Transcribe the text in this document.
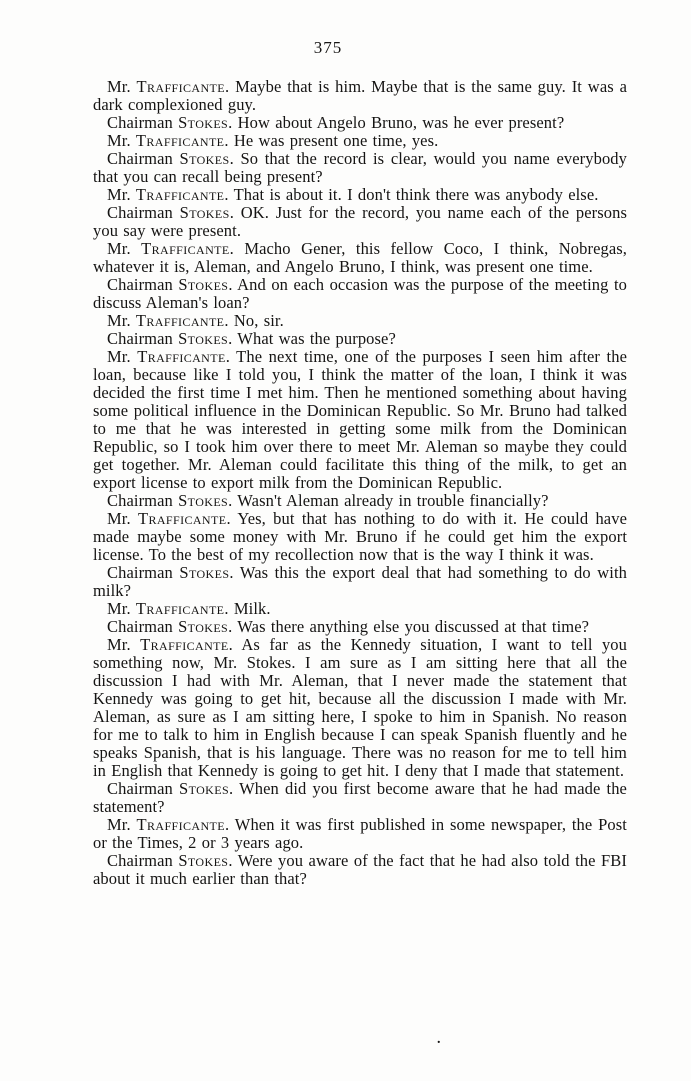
375

Mr. Trafficante. Maybe that is him. Maybe that is the same guy. It was a dark complexioned guy.

Chairman Stokes. How about Angelo Bruno, was he ever present?

Mr. Trafficante. He was present one time, yes.

Chairman Stokes. So that the record is clear, would you name everybody that you can recall being present?

Mr. Trafficante. That is about it. I don't think there was anybody else.

Chairman Stokes. OK. Just for the record, you name each of the persons you say were present.

Mr. Trafficante. Macho Gener, this fellow Coco, I think, Nobregas, whatever it is, Aleman, and Angelo Bruno, I think, was present one time.

Chairman Stokes. And on each occasion was the purpose of the meeting to discuss Aleman's loan?

Mr. Trafficante. No, sir.

Chairman Stokes. What was the purpose?

Mr. Trafficante. The next time, one of the purposes I seen him after the loan, because like I told you, I think the matter of the loan, I think it was decided the first time I met him. Then he mentioned something about having some political influence in the Dominican Republic. So Mr. Bruno had talked to me that he was interested in getting some milk from the Dominican Republic, so I took him over there to meet Mr. Aleman so maybe they could get together. Mr. Aleman could facilitate this thing of the milk, to get an export license to export milk from the Dominican Republic.

Chairman Stokes. Wasn't Aleman already in trouble financially?

Mr. Trafficante. Yes, but that has nothing to do with it. He could have made maybe some money with Mr. Bruno if he could get him the export license. To the best of my recollection now that is the way I think it was.

Chairman Stokes. Was this the export deal that had something to do with milk?

Mr. Trafficante. Milk.

Chairman Stokes. Was there anything else you discussed at that time?

Mr. Trafficante. As far as the Kennedy situation, I want to tell you something now, Mr. Stokes. I am sure as I am sitting here that all the discussion I had with Mr. Aleman, that I never made the statement that Kennedy was going to get hit, because all the discussion I made with Mr. Aleman, as sure as I am sitting here, I spoke to him in Spanish. No reason for me to talk to him in English because I can speak Spanish fluently and he speaks Spanish, that is his language. There was no reason for me to tell him in English that Kennedy is going to get hit. I deny that I made that statement.

Chairman Stokes. When did you first become aware that he had made the statement?

Mr. Trafficante. When it was first published in some newspaper, the Post or the Times, 2 or 3 years ago.

Chairman Stokes. Were you aware of the fact that he had also told the FBI about it much earlier than that?

.
